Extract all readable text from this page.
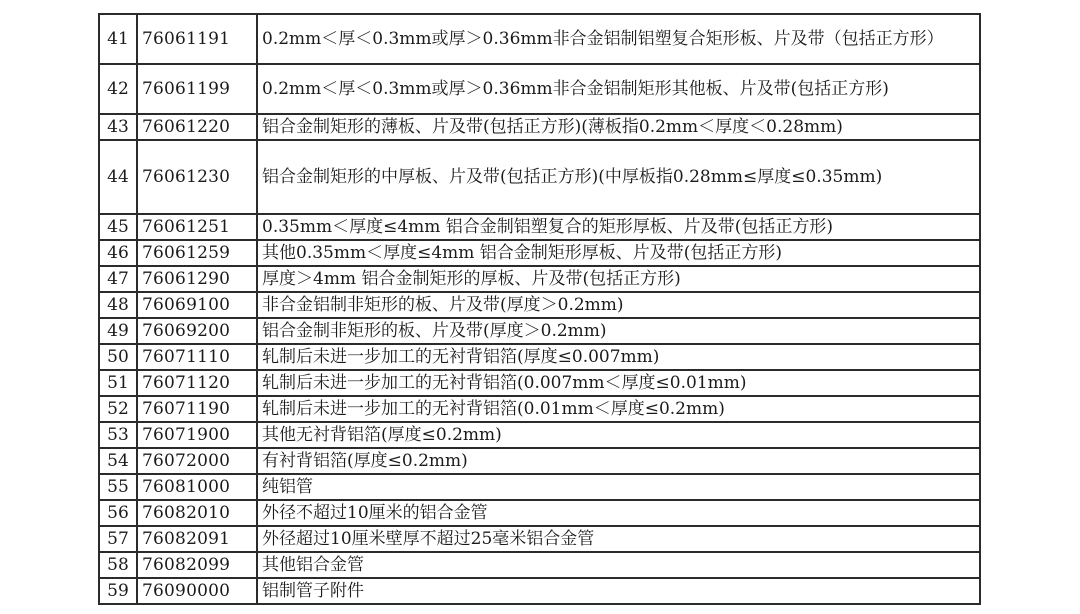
41	76061191	0.2mm＜厚＜0.3mm或厚＞0.36mm非合金铝制铝塑复合矩形板、片及带（包括正方形）
42	76061199	0.2mm＜厚＜0.3mm或厚＞0.36mm非合金铝制矩形其他板、片及带(包括正方形)
43	76061220	铝合金制矩形的薄板、片及带(包括正方形)(薄板指0.2mm＜厚度＜0.28mm)
44	76061230	铝合金制矩形的中厚板、片及带(包括正方形)(中厚板指0.28mm≤厚度≤0.35mm)
45	76061251	0.35mm＜厚度≤4mm 铝合金制铝塑复合的矩形厚板、片及带(包括正方形)
46	76061259	其他0.35mm＜厚度≤4mm 铝合金制矩形厚板、片及带(包括正方形)
47	76061290	厚度＞4mm 铝合金制矩形的厚板、片及带(包括正方形)
48	76069100	非合金铝制非矩形的板、片及带(厚度＞0.2mm)
49	76069200	铝合金制非矩形的板、片及带(厚度＞0.2mm)
50	76071110	轧制后未进一步加工的无衬背铝箔(厚度≤0.007mm)
51	76071120	轧制后未进一步加工的无衬背铝箔(0.007mm＜厚度≤0.01mm)
52	76071190	轧制后未进一步加工的无衬背铝箔(0.01mm＜厚度≤0.2mm)
53	76071900	其他无衬背铝箔(厚度≤0.2mm)
54	76072000	有衬背铝箔(厚度≤0.2mm)
55	76081000	纯铝管
56	76082010	外径不超过10厘米的铝合金管
57	76082091	外径超过10厘米壁厚不超过25毫米铝合金管
58	76082099	其他铝合金管
59	76090000	铝制管子附件
